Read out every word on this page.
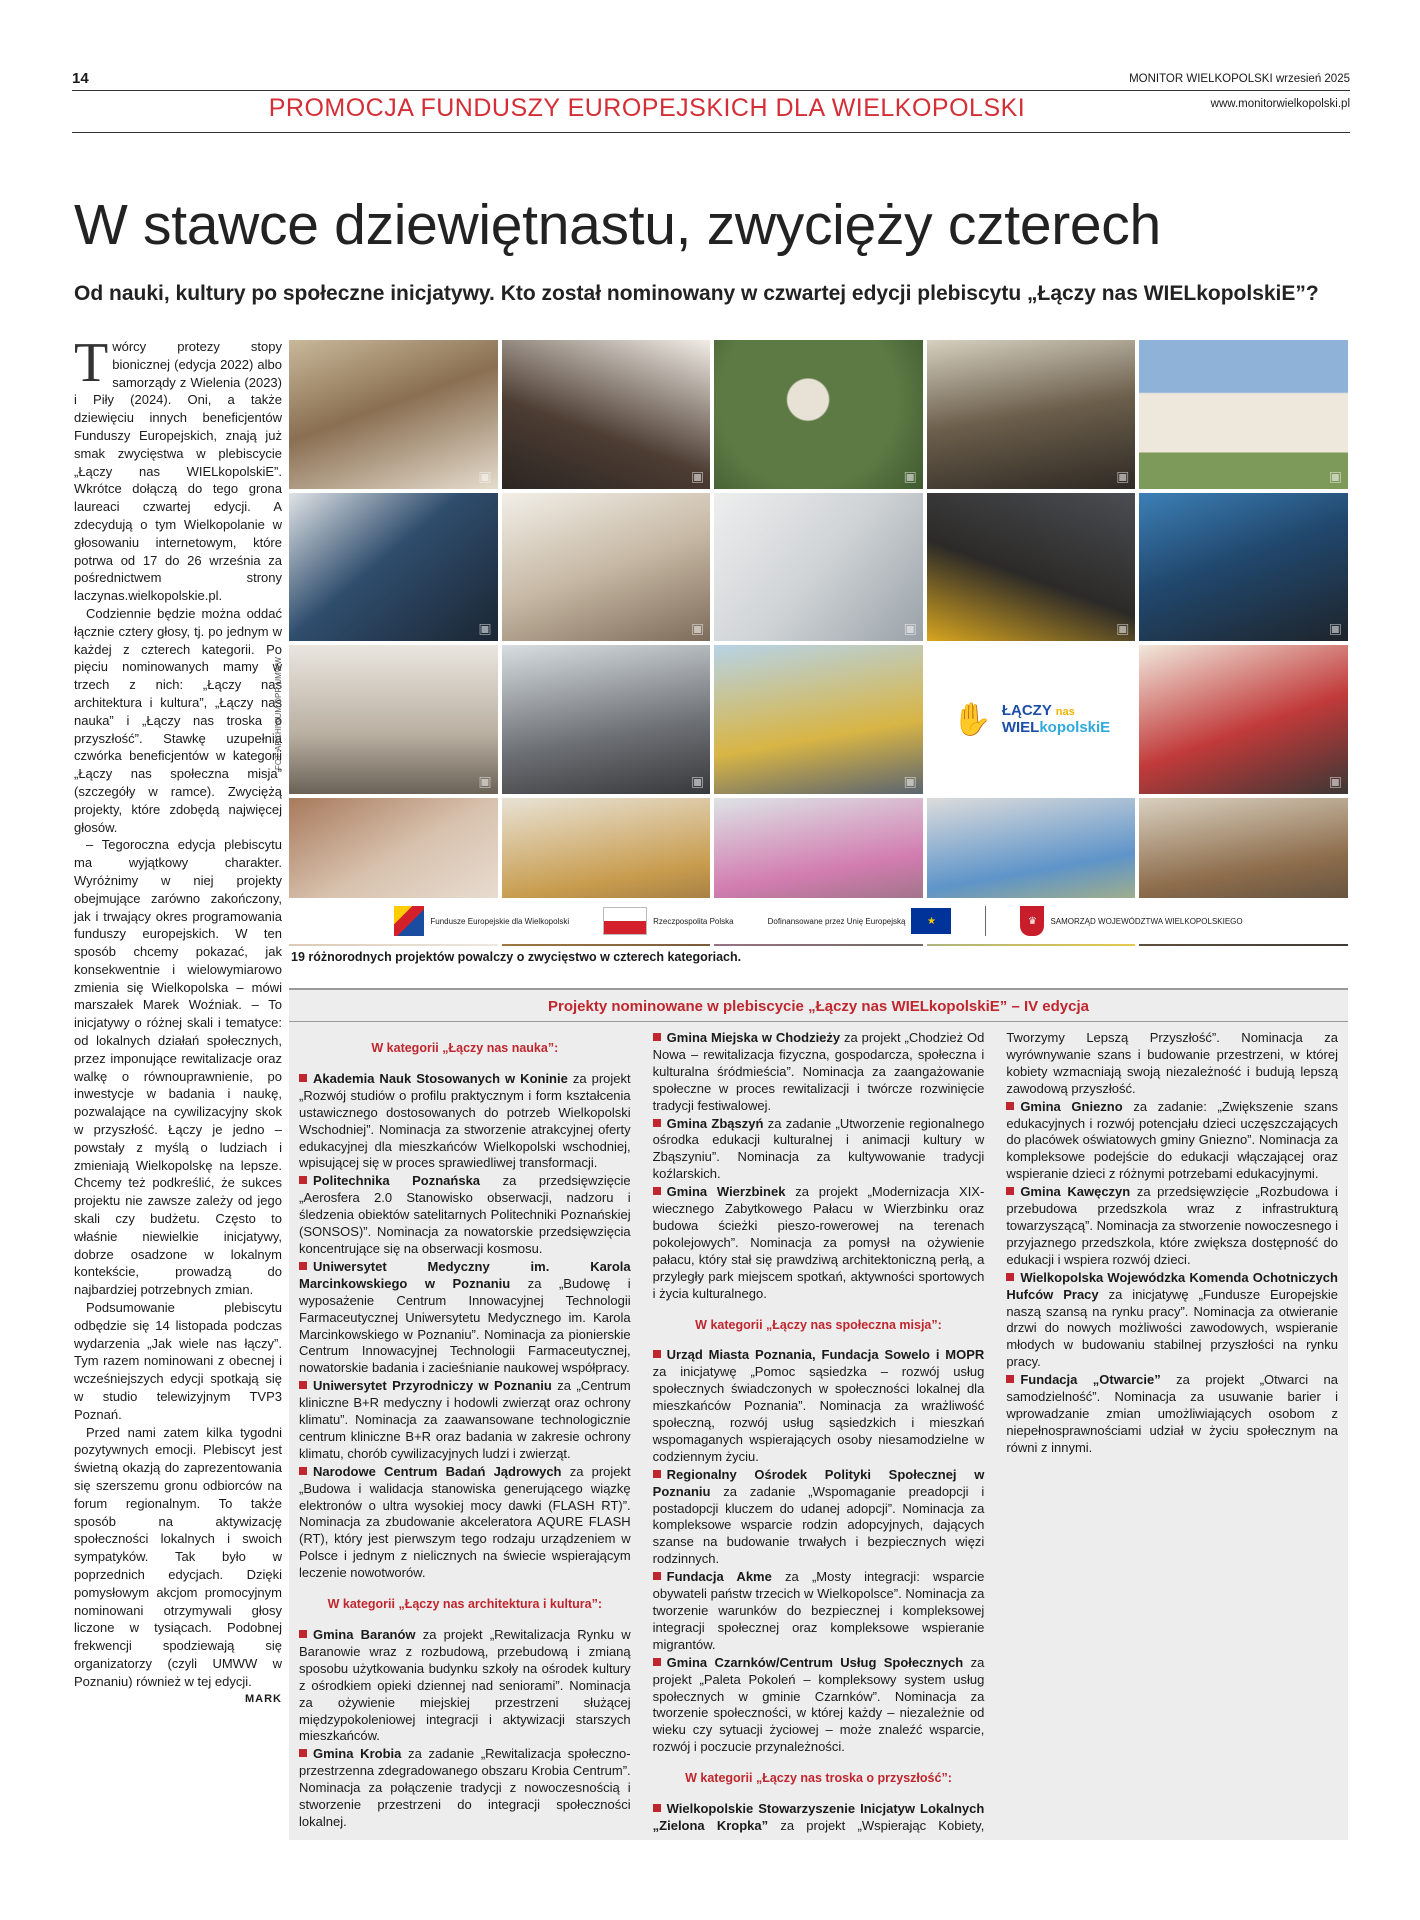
14	MONITOR WIELKOPOLSKI wrzesień 2025
www.monitorwielkopolski.pl
PROMOCJA FUNDUSZY EUROPEJSKICH DLA WIELKOPOLSKI
W stawce dziewiętnastu, zwycięży czterech
Od nauki, kultury po społeczne inicjatywy. Kto został nominowany w czwartej edycji plebiscytu „Łączy nas WIELkopolskiE”?

Twórcy protezy stopy bionicznej (edycja 2022) albo samorządy z Wielenia (2023) i Piły (2024). Oni, a także dziewięciu innych beneficjentów Funduszy Europejskich, znają już smak zwycięstwa w plebiscycie „Łączy nas WIELkopolskiE”. Wkrótce dołączą do tego grona laureaci czwartej edycji. A zdecydują o tym Wielkopolanie w głosowaniu internetowym, które potrwa od 17 do 26 września za pośrednictwem strony laczynas.wielkopolskie.pl.

Codziennie będzie można oddać łącznie cztery głosy, tj. po jednym w każdej z czterech kategorii. Po pięciu nominowanych mamy w trzech z nich: „Łączy nas architektura i kultura”, „Łączy nas nauka” i „Łączy nas troska o przyszłość”. Stawkę uzupełnia czwórka beneficjentów w kategorii „Łączy nas społeczna misja” (szczegóły w ramce). Zwyciężą projekty, które zdobędą najwięcej głosów.

– Tegoroczna edycja plebiscytu ma wyjątkowy charakter. Wyróżnimy w niej projekty obejmujące zarówno zakończony, jak i trwający okres programowania funduszy europejskich. W ten sposób chcemy pokazać, jak konsekwentnie i wielowymiarowo zmienia się Wielkopolska – mówi marszałek Marek Woźniak. – To inicjatywy o różnej skali i tematyce: od lokalnych działań społecznych, przez imponujące rewitalizacje oraz walkę o równouprawnienie, po inwestycje w badania i naukę, pozwalające na cywilizacyjny skok w przyszłość. Łączy je jedno – powstały z myślą o ludziach i zmieniają Wielkopolskę na lepsze. Chcemy też podkreślić, że sukces projektu nie zawsze zależy od jego skali czy budżetu. Często to właśnie niewielkie inicjatywy, dobrze osadzone w lokalnym kontekście, prowadzą do najbardziej potrzebnych zmian.

Podsumowanie plebiscytu odbędzie się 14 listopada podczas wydarzenia „Jak wiele nas łączy”. Tym razem nominowani z obecnej i wcześniejszych edycji spotkają się w studio telewizyjnym TVP3 Poznań.

Przed nami zatem kilka tygodni pozytywnych emocji. Plebiscyt jest świetną okazją do zaprezentowania się szerszemu gronu odbiorców na forum regionalnym. To także sposób na aktywizację społeczności lokalnych i swoich sympatyków. Tak było w poprzednich edycjach. Dzięki pomysłowym akcjom promocyjnym nominowani otrzymywali głosy liczone w tysiącach. Podobnej frekwencji spodziewają się organizatorzy (czyli UMWW w Poznaniu) również w tej edycji.

MARK
FOT. ARCHIWUM DPR UMWW
▣	▣	▣	▣	▣
▣	▣	▣	▣	▣
▣	▣	▣
✋ ŁĄCZY nas
WIELkopolskiE
▣
Fundusze Europejskie dla Wielkopolski	Rzeczpospolita Polska	Dofinansowane przez Unię Europejską	★	♛	SAMORZĄD WOJEWÓDZTWA WIELKOPOLSKIEGO
19 różnorodnych projektów powalczy o zwycięstwo w czterech kategoriach.
Projekty nominowane w plebiscycie „Łączy nas WIELkopolskiE” – IV edycja
W kategorii „Łączy nas nauka”:
Akademia Nauk Stosowanych w Koninie za projekt „Rozwój studiów o profilu praktycznym i form kształcenia ustawicznego dostosowanych do potrzeb Wielkopolski Wschodniej”. Nominacja za stworzenie atrakcyjnej oferty edukacyjnej dla mieszkańców Wielkopolski wschodniej, wpisującej się w proces sprawiedliwej transformacji.
Politechnika Poznańska za przedsięwzięcie „Aerosfera 2.0 Stanowisko obserwacji, nadzoru i śledzenia obiektów satelitarnych Politechniki Poznańskiej (SONSOS)”. Nominacja za nowatorskie przedsięwzięcia koncentrujące się na obserwacji kosmosu.
Uniwersytet Medyczny im. Karola Marcinkowskiego w Poznaniu za „Budowę i wyposażenie Centrum Innowacyjnej Technologii Farmaceutycznej Uniwersytetu Medycznego im. Karola Marcinkowskiego w Poznaniu”. Nominacja za pionierskie Centrum Innowacyjnej Technologii Farmaceutycznej, nowatorskie badania i zacieśnianie naukowej współpracy.
Uniwersytet Przyrodniczy w Poznaniu za „Centrum kliniczne B+R medyczny i hodowli zwierząt oraz ochrony klimatu”. Nominacja za zaawansowane technologicznie centrum kliniczne B+R oraz badania w zakresie ochrony klimatu, chorób cywilizacyjnych ludzi i zwierząt.
Narodowe Centrum Badań Jądrowych za projekt „Budowa i walidacja stanowiska generującego wiązkę elektronów o ultra wysokiej mocy dawki (FLASH RT)”. Nominacja za zbudowanie akceleratora AQURE FLASH (RT), który jest pierwszym tego rodzaju urządzeniem w Polsce i jednym z nielicznych na świecie wspierającym leczenie nowotworów.
W kategorii „Łączy nas architektura i kultura”:
Gmina Baranów za projekt „Rewitalizacja Rynku w Baranowie wraz z rozbudową, przebudową i zmianą sposobu użytkowania budynku szkoły na ośrodek kultury z ośrodkiem opieki dziennej nad seniorami”. Nominacja za ożywienie miejskiej przestrzeni służącej międzypokoleniowej integracji i aktywizacji starszych mieszkańców.
Gmina Krobia za zadanie „Rewitalizacja społeczno-przestrzenna zdegradowanego obszaru Krobia Centrum”. Nominacja za połączenie tradycji z nowoczesnością i stworzenie przestrzeni do integracji społeczności lokalnej.
Gmina Miejska w Chodzieży za projekt „Chodzież Od Nowa – rewitalizacja fizyczna, gospodarcza, społeczna i kulturalna śródmieścia”. Nominacja za zaangażowanie społeczne w proces rewitalizacji i twórcze rozwinięcie tradycji festiwalowej.
Gmina Zbąszyń za zadanie „Utworzenie regionalnego ośrodka edukacji kulturalnej i animacji kultury w Zbąszyniu”. Nominacja za kultywowanie tradycji koźlarskich.
Gmina Wierzbinek za projekt „Modernizacja XIX-wiecznego Zabytkowego Pałacu w Wierzbinku oraz budowa ścieżki pieszo-rowerowej na terenach pokolejowych”. Nominacja za pomysł na ożywienie pałacu, który stał się prawdziwą architektoniczną perłą, a przyległy park miejscem spotkań, aktywności sportowych i życia kulturalnego.
W kategorii „Łączy nas społeczna misja”:
Urząd Miasta Poznania, Fundacja Sowelo i MOPR za inicjatywę „Pomoc sąsiedzka – rozwój usług społecznych świadczonych w społeczności lokalnej dla mieszkańców Poznania”. Nominacja za wrażliwość społeczną, rozwój usług sąsiedzkich i mieszkań wspomaganych wspierających osoby niesamodzielne w codziennym życiu.
Regionalny Ośrodek Polityki Społecznej w Poznaniu za zadanie „Wspomaganie preadopcji i postadopcji kluczem do udanej adopcji”. Nominacja za kompleksowe wsparcie rodzin adopcyjnych, dających szanse na budowanie trwałych i bezpiecznych więzi rodzinnych.
Fundacja Akme za „Mosty integracji: wsparcie obywateli państw trzecich w Wielkopolsce”. Nominacja za tworzenie warunków do bezpiecznej i kompleksowej integracji społecznej oraz kompleksowe wspieranie migrantów.
Gmina Czarnków/Centrum Usług Społecznych za projekt „Paleta Pokoleń – kompleksowy system usług społecznych w gminie Czarnków”. Nominacja za tworzenie społeczności, w której każdy – niezależnie od wieku czy sytuacji życiowej – może znaleźć wsparcie, rozwój i poczucie przynależności.
W kategorii „Łączy nas troska o przyszłość”:
Wielkopolskie Stowarzyszenie Inicjatyw Lokalnych „Zielona Kropka” za projekt „Wspierając Kobiety, Tworzymy Lepszą Przyszłość”. Nominacja za wyrównywanie szans i budowanie przestrzeni, w której kobiety wzmacniają swoją niezależność i budują lepszą zawodową przyszłość.
Gmina Gniezno za zadanie: „Zwiększenie szans edukacyjnych i rozwój potencjału dzieci uczęszczających do placówek oświatowych gminy Gniezno”. Nominacja za kompleksowe podejście do edukacji włączającej oraz wspieranie dzieci z różnymi potrzebami edukacyjnymi.
Gmina Kawęczyn za przedsięwzięcie „Rozbudowa i przebudowa przedszkola wraz z infrastrukturą towarzyszącą”. Nominacja za stworzenie nowoczesnego i przyjaznego przedszkola, które zwiększa dostępność do edukacji i wspiera rozwój dzieci.
Wielkopolska Wojewódzka Komenda Ochotniczych Hufców Pracy za inicjatywę „Fundusze Europejskie naszą szansą na rynku pracy”. Nominacja za otwieranie drzwi do nowych możliwości zawodowych, wspieranie młodych w budowaniu stabilnej przyszłości na rynku pracy.
Fundacja „Otwarcie” za projekt „Otwarci na samodzielność”. Nominacja za usuwanie barier i wprowadzanie zmian umożliwiających osobom z niepełnosprawnościami udział w życiu społecznym na równi z innymi.
